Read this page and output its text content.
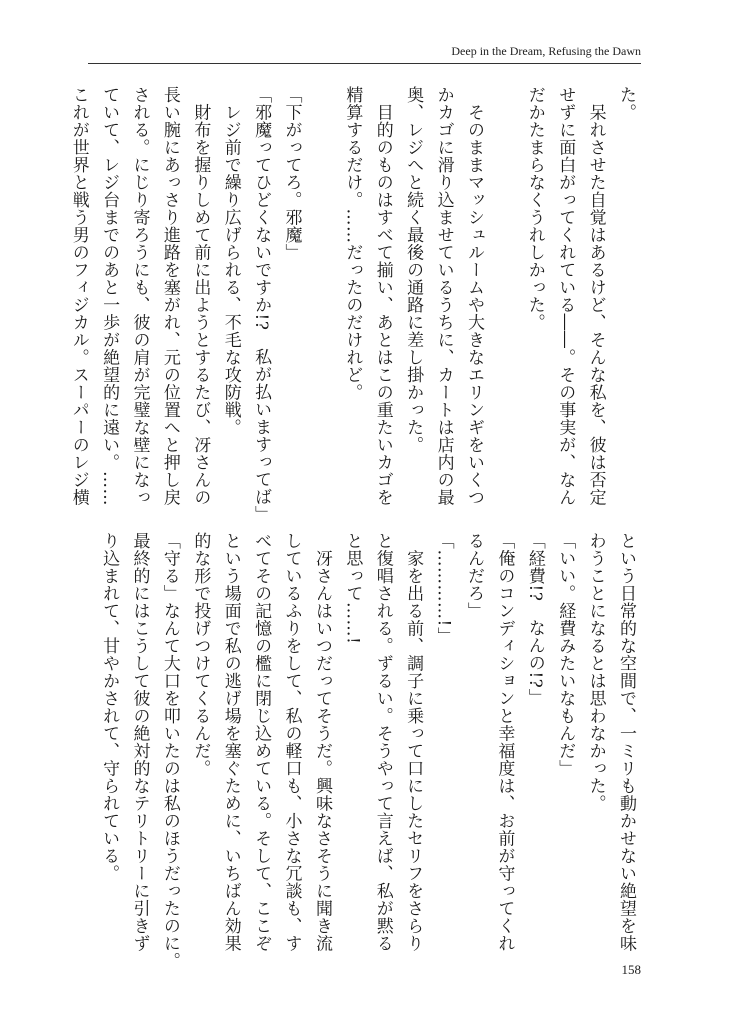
Deep in the Dream, Refusing the Dawn
た。
　呆れさせた自覚はあるけど、そんな私を、彼は否定
せずに面白がってくれている――。その事実が、なん
だかたまらなくうれしかった。

　そのままマッシュルームや大きなエリンギをいくつ
かカゴに滑り込ませているうちに、カートは店内の最
奥、レジへと続く最後の通路に差し掛かった。
　目的のものはすべて揃い、あとはこの重たいカゴを
精算するだけ。……だったのだけれど。

「下がってろ。邪魔」
「邪魔ってひどくないですか!?　私が払いますってば」
　レジ前で繰り広げられる、不毛な攻防戦。
　財布を握りしめて前に出ようとするたび、冴さんの
長い腕にあっさり進路を塞がれ、元の位置へと押し戻
される。にじり寄ろうにも、彼の肩が完璧な壁になっ
ていて、レジ台までのあと一歩が絶望的に遠い。……
これが世界と戦う男のフィジカル。スーパーのレジ横
という日常的な空間で、一ミリも動かせない絶望を味
わうことになるとは思わなかった。
「いい。経費みたいなもんだ」
「経費!?　なんの!?」
「俺のコンディションと幸福度は、お前が守ってくれ
るんだろ」
「…………!」
　家を出る前、調子に乗って口にしたセリフをさらり
と復唱される。ずるい。そうやって言えば、私が黙る
と思って……!
　冴さんはいつだってそうだ。興味なさそうに聞き流
しているふりをして、私の軽口も、小さな冗談も、す
べてその記憶の檻に閉じ込めている。そして、ここぞ
という場面で私の逃げ場を塞ぐために、いちばん効果
的な形で投げつけてくるんだ。
「守る」なんて大口を叩いたのは私のほうだったのに。
最終的にはこうして彼の絶対的なテリトリーに引きず
り込まれて、甘やかされて、守られている。
158
